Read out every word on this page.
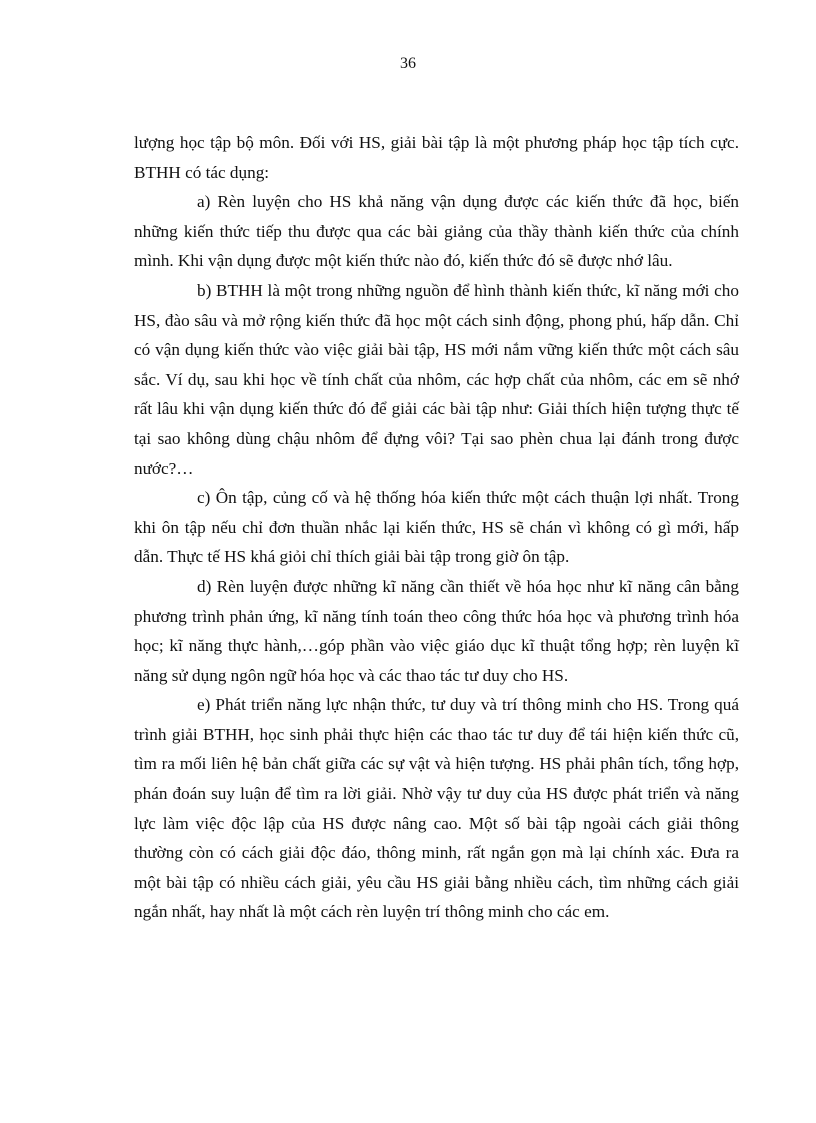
36

lượng học tập bộ môn. Đối với HS, giải bài tập là một phương pháp học tập tích cực. BTHH có tác dụng:

a) Rèn luyện cho HS khả năng vận dụng được các kiến thức đã học, biến những kiến thức tiếp thu được qua các bài giảng của thầy thành kiến thức của chính mình. Khi vận dụng được một kiến thức nào đó, kiến thức đó sẽ được nhớ lâu.

b) BTHH là một trong những nguồn để hình thành kiến thức, kĩ năng mới cho HS, đào sâu và mở rộng kiến thức đã học một cách sinh động, phong phú, hấp dẫn. Chỉ có vận dụng kiến thức vào việc giải bài tập, HS mới nắm vững kiến thức một cách sâu sắc. Ví dụ, sau khi học về tính chất của nhôm, các hợp chất của nhôm, các em sẽ nhớ rất lâu khi vận dụng kiến thức đó để giải các bài tập như: Giải thích hiện tượng thực tế tại sao không dùng chậu nhôm để đựng vôi? Tại sao phèn chua lại đánh trong được nước?…

c) Ôn tập, củng cố và hệ thống hóa kiến thức một cách thuận lợi nhất. Trong khi ôn tập nếu chỉ đơn thuần nhắc lại kiến thức, HS sẽ chán vì không có gì mới, hấp dẫn. Thực tế HS khá giỏi chỉ thích giải bài tập trong giờ ôn tập.

d) Rèn luyện được những kĩ năng cần thiết về hóa học như kĩ năng cân bằng phương trình phản ứng, kĩ năng tính toán theo công thức hóa học và phương trình hóa học; kĩ năng thực hành,…góp phần vào việc giáo dục kĩ thuật tổng hợp; rèn luyện kĩ năng sử dụng ngôn ngữ hóa học và các thao tác tư duy cho HS.

e) Phát triển năng lực nhận thức, tư duy và trí thông minh cho HS. Trong quá trình giải BTHH, học sinh phải thực hiện các thao tác tư duy để tái hiện kiến thức cũ, tìm ra mối liên hệ bản chất giữa các sự vật và hiện tượng. HS phải phân tích, tổng hợp, phán đoán suy luận để tìm ra lời giải. Nhờ vậy tư duy của HS được phát triển và năng lực làm việc độc lập của HS được nâng cao. Một số bài tập ngoài cách giải thông thường còn có cách giải độc đáo, thông minh, rất ngắn gọn mà lại chính xác. Đưa ra một bài tập có nhiều cách giải, yêu cầu HS giải bằng nhiều cách, tìm những cách giải ngắn nhất, hay nhất là một cách rèn luyện trí thông minh cho các em.
